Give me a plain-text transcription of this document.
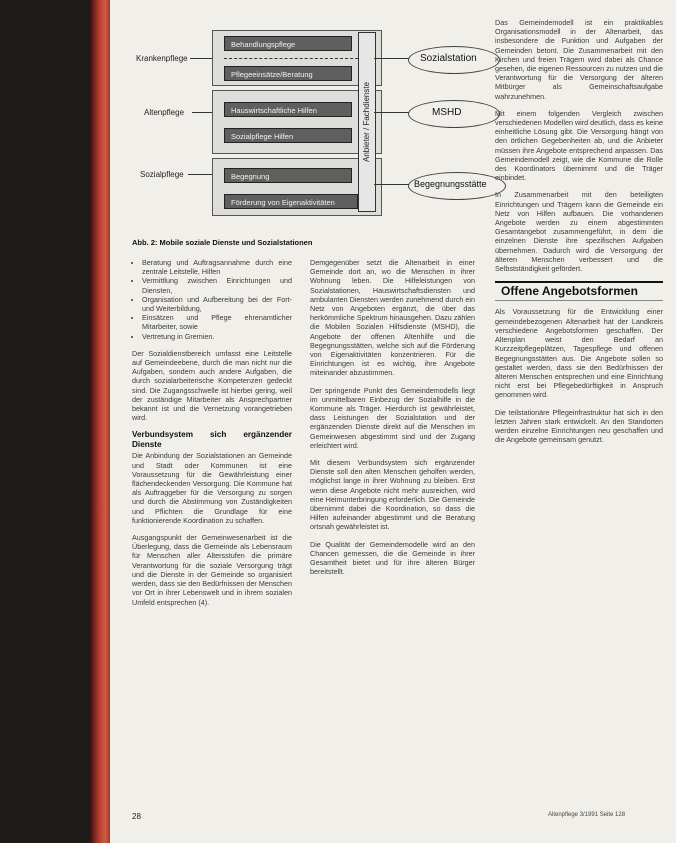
Krankenpflege
Altenpflege
Sozialpflege
Behandlungspflege
Pflegeeinsätze/Beratung
Hauswirtschaftliche Hilfen
Sozialpflege Hilfen
Begegnung
Förderung von Eigenaktivitäten
Anbieter / Fachdienste
Sozialstation
MSHD
Begegnungsstätte
Abb. 2: Mobile soziale Dienste und Sozialstationen
• Beratung und Auftragsannahme durch eine zentrale Leitstelle, Hilfen
• Vermittlung zwischen Einrichtungen und Diensten,
• Organisation und Aufbereitung bei der Fort- und Weiterbildung,
• Einsätzen und Pflege ehrenamtlicher Mitarbeiter, sowie
• Vertretung in Gremien.

Der Sozialdienstbereich umfasst eine Leitstelle auf Gemeindeebene, durch die man nicht nur die Aufgaben, sondern auch andere Aufgaben, die durch sozialarbeiterische Kompetenzen gedeckt sind. Die Zugangsschwelle ist hierbei gering, weil der zuständige Mitarbeiter als Ansprechpartner bekannt ist und die Vernetzung vorangetrieben wird.

Verbundsystem sich ergänzender Dienste

Die Anbindung der Sozialstationen an Gemeinde und Stadt oder Kommunen ist eine Voraussetzung für die Gewährleistung einer flächendeckenden Versorgung. Die Kommune hat als Auftraggeber für die Versorgung zu sorgen und durch die Abstimmung von Zuständigkeiten und Pflichten die Grundlage für eine funktionierende Koordination zu schaffen.

Ausgangspunkt der Gemeinwesenarbeit ist die Überlegung, dass die Gemeinde als Lebensraum für Menschen aller Altersstufen die primäre Verantwortung für die soziale Versorgung trägt und die Dienste in der Gemeinde so organisiert werden, dass sie den Bedürfnissen der Menschen vor Ort in ihrer Lebenswelt und in ihrem sozialen Umfeld entsprechen (4).

Demgegenüber setzt die Altenarbeit in einer Gemeinde dort an, wo die Menschen in ihrer Wohnung leben. Die Hilfeleistungen von Sozialstationen, Hauswirtschaftsdiensten und ambulanten Diensten werden zunehmend durch ein Netz von Angeboten ergänzt, die über das herkömmliche Spektrum hinausgehen. Dazu zählen die Mobilen Sozialen Hilfsdienste (MSHD), die Angebote der offenen Altenhilfe und die Begegnungsstätten, welche sich auf die Förderung von Eigenaktivitäten konzentrieren. Für die Einrichtungen ist es wichtig, ihre Angebote miteinander abzustimmen.

Der springende Punkt des Gemeindemodells liegt im unmittelbaren Einbezug der Sozialhilfe in die Kommune als Träger. Hierdurch ist gewährleistet, dass Leistungen der Sozialstation und der ergänzenden Dienste direkt auf die Menschen im Gemeinwesen abgestimmt sind und der Zugang erleichtert wird.

Mit diesem Verbundsystem sich ergänzender Dienste soll den alten Menschen geholfen werden, möglichst lange in ihrer Wohnung zu bleiben. Erst wenn diese Angebote nicht mehr ausreichen, wird eine Heimunterbringung erforderlich. Die Gemeinde übernimmt dabei die Koordination, so dass die Hilfen aufeinander abgestimmt und die Beratung ortsnah gewährleistet ist.

Die Qualität der Gemeindemodelle wird an den Chancen gemessen, die die Gemeinde in ihrer Gesamtheit bietet und für ihre älteren Bürger bereitstellt.

Das Gemeindemodell ist ein praktikables Organisationsmodell in der Altenarbeit, das insbesondere die Funktion und Aufgaben der Gemeinden betont. Die Zusammenarbeit mit den Kirchen und freien Trägern wird dabei als Chance gesehen, die eigenen Ressourcen zu nutzen und die Verantwortung für die Versorgung der älteren Mitbürger als Gemeinschaftsaufgabe wahrzunehmen.

Mit einem folgenden Vergleich zwischen verschiedenen Modellen wird deutlich, dass es keine einheitliche Lösung gibt. Die Versorgung hängt von den örtlichen Gegebenheiten ab, und die Anbieter müssen ihre Angebote entsprechend anpassen. Das Gemeindemodell zeigt, wie die Kommune die Rolle des Koordinators übernimmt und die Träger einbindet.

In Zusammenarbeit mit den beteiligten Einrichtungen und Trägern kann die Gemeinde ein Netz von Hilfen aufbauen. Die vorhandenen Angebote werden zu einem abgestimmten Gesamtangebot zusammengeführt, in dem die einzelnen Dienste ihre spezifischen Aufgaben übernehmen. Dadurch wird die Versorgung der älteren Menschen verbessert und die Selbstständigkeit gefördert.

Offene Angebotsformen

Als Voraussetzung für die Entwicklung einer gemeindebezogenen Altenarbeit hat der Landkreis verschiedene Angebotsformen geschaffen. Der Altenplan weist den Bedarf an Kurzzeitpflegeplätzen, Tagespflege und offenen Begegnungsstätten aus. Die Angebote sollen so gestaltet werden, dass sie den Bedürfnissen der älteren Menschen entsprechen und eine Einrichtung nicht erst bei Pflegebedürftigkeit in Anspruch genommen wird.

Die teilstationäre Pflegeinfrastruktur hat sich in den letzten Jahren stark entwickelt. An den Standorten werden einzelne Einrichtungen neu geschaffen und die Angebote gemeinsam genutzt.

28	Altenpflege 3/1991 Seite 128
